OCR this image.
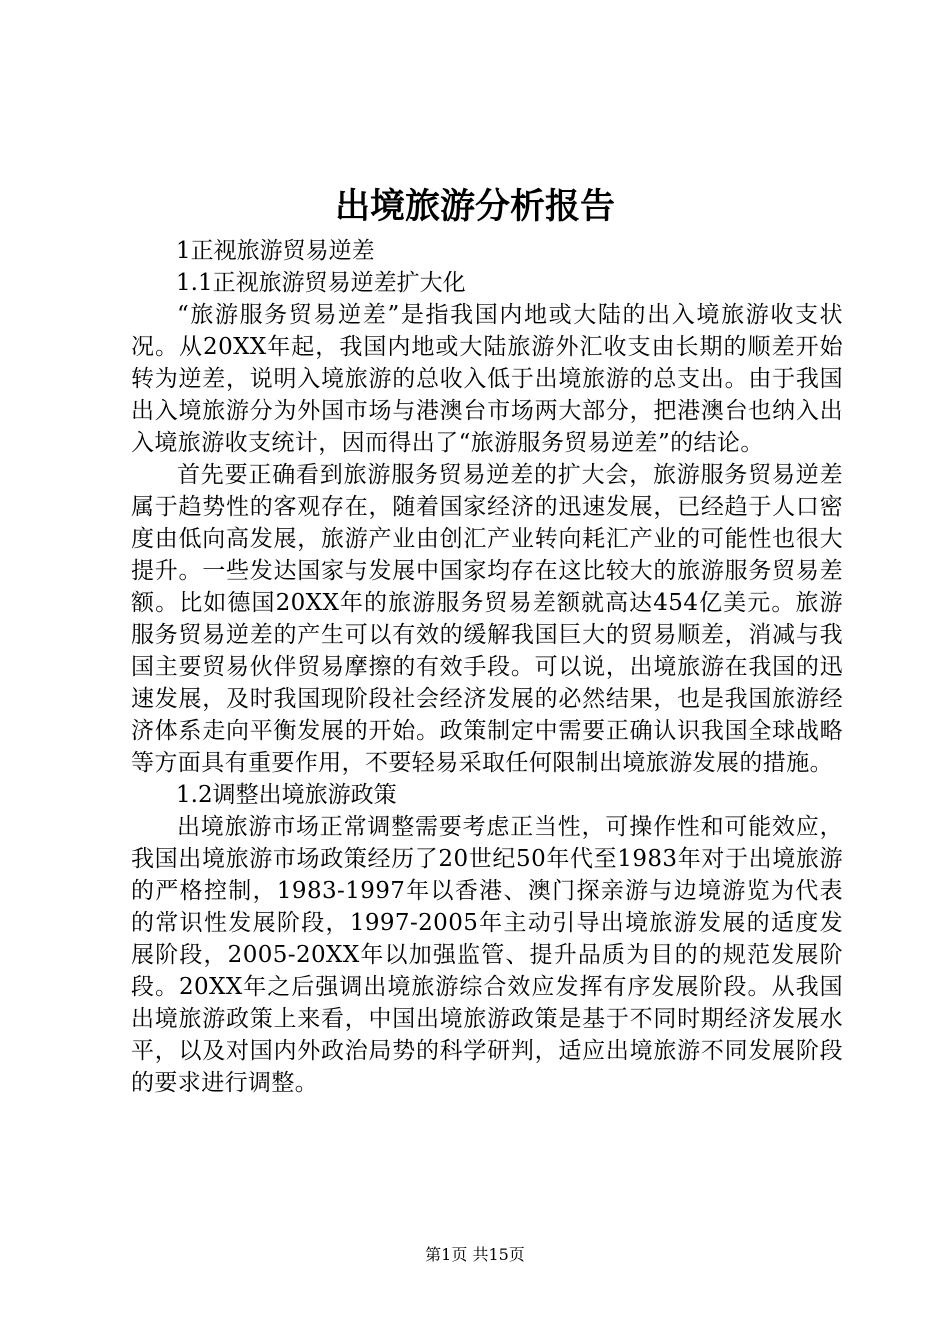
出境旅游分析报告

1正视旅游贸易逆差

1.1正视旅游贸易逆差扩大化

“旅游服务贸易逆差”是指我国内地或大陆的出入境旅游收支状况。从20XX年起，我国内地或大陆旅游外汇收支由长期的顺差开始转为逆差，说明入境旅游的总收入低于出境旅游的总支出。由于我国出入境旅游分为外国市场与港澳台市场两大部分，把港澳台也纳入出入境旅游收支统计，因而得出了“旅游服务贸易逆差”的结论。

首先要正确看到旅游服务贸易逆差的扩大会，旅游服务贸易逆差属于趋势性的客观存在，随着国家经济的迅速发展，已经趋于人口密度由低向高发展，旅游产业由创汇产业转向耗汇产业的可能性也很大提升。一些发达国家与发展中国家均存在这比较大的旅游服务贸易差额。比如德国20XX年的旅游服务贸易差额就高达454亿美元。旅游服务贸易逆差的产生可以有效的缓解我国巨大的贸易顺差，消减与我国主要贸易伙伴贸易摩擦的有效手段。可以说，出境旅游在我国的迅速发展，及时我国现阶段社会经济发展的必然结果，也是我国旅游经济体系走向平衡发展的开始。政策制定中需要正确认识我国全球战略等方面具有重要作用，不要轻易采取任何限制出境旅游发展的措施。

1.2调整出境旅游政策

出境旅游市场正常调整需要考虑正当性，可操作性和可能效应，我国出境旅游市场政策经历了20世纪50年代至1983年对于出境旅游的严格控制，1983-1997年以香港、澳门探亲游与边境游览为代表的常识性发展阶段，1997-2005年主动引导出境旅游发展的适度发展阶段，2005-20XX年以加强监管、提升品质为目的的规范发展阶段。20XX年之后强调出境旅游综合效应发挥有序发展阶段。从我国出境旅游政策上来看，中国出境旅游政策是基于不同时期经济发展水平，以及对国内外政治局势的科学研判，适应出境旅游不同发展阶段的要求进行调整。

第1页 共15页
